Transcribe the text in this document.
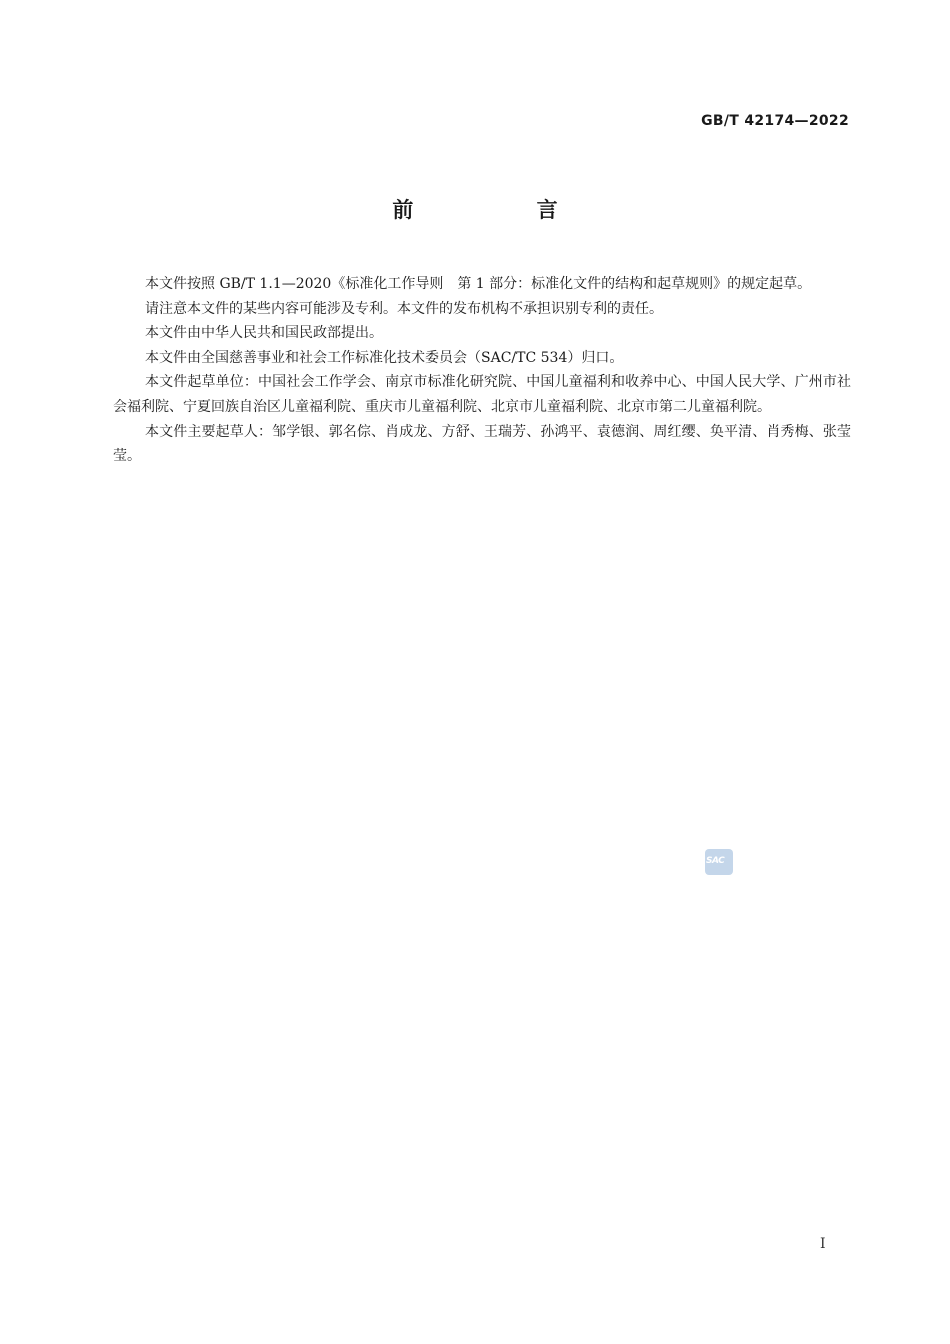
GB/T 42174—2022
前 言

本文件按照 GB/T 1.1—2020《标准化工作导则　第 1 部分：标准化文件的结构和起草规则》的规定起草。

请注意本文件的某些内容可能涉及专利。本文件的发布机构不承担识别专利的责任。

本文件由中华人民共和国民政部提出。

本文件由全国慈善事业和社会工作标准化技术委员会（SAC/TC 534）归口。

本文件起草单位：中国社会工作学会、南京市标准化研究院、中国儿童福利和收养中心、中国人民大学、广州市社会福利院、宁夏回族自治区儿童福利院、重庆市儿童福利院、北京市儿童福利院、北京市第二儿童福利院。

本文件主要起草人：邹学银、郭名倧、肖成龙、方舒、王瑞芳、孙鸿平、袁德润、周红缨、奂平清、肖秀梅、张莹莹。

SAC
I
